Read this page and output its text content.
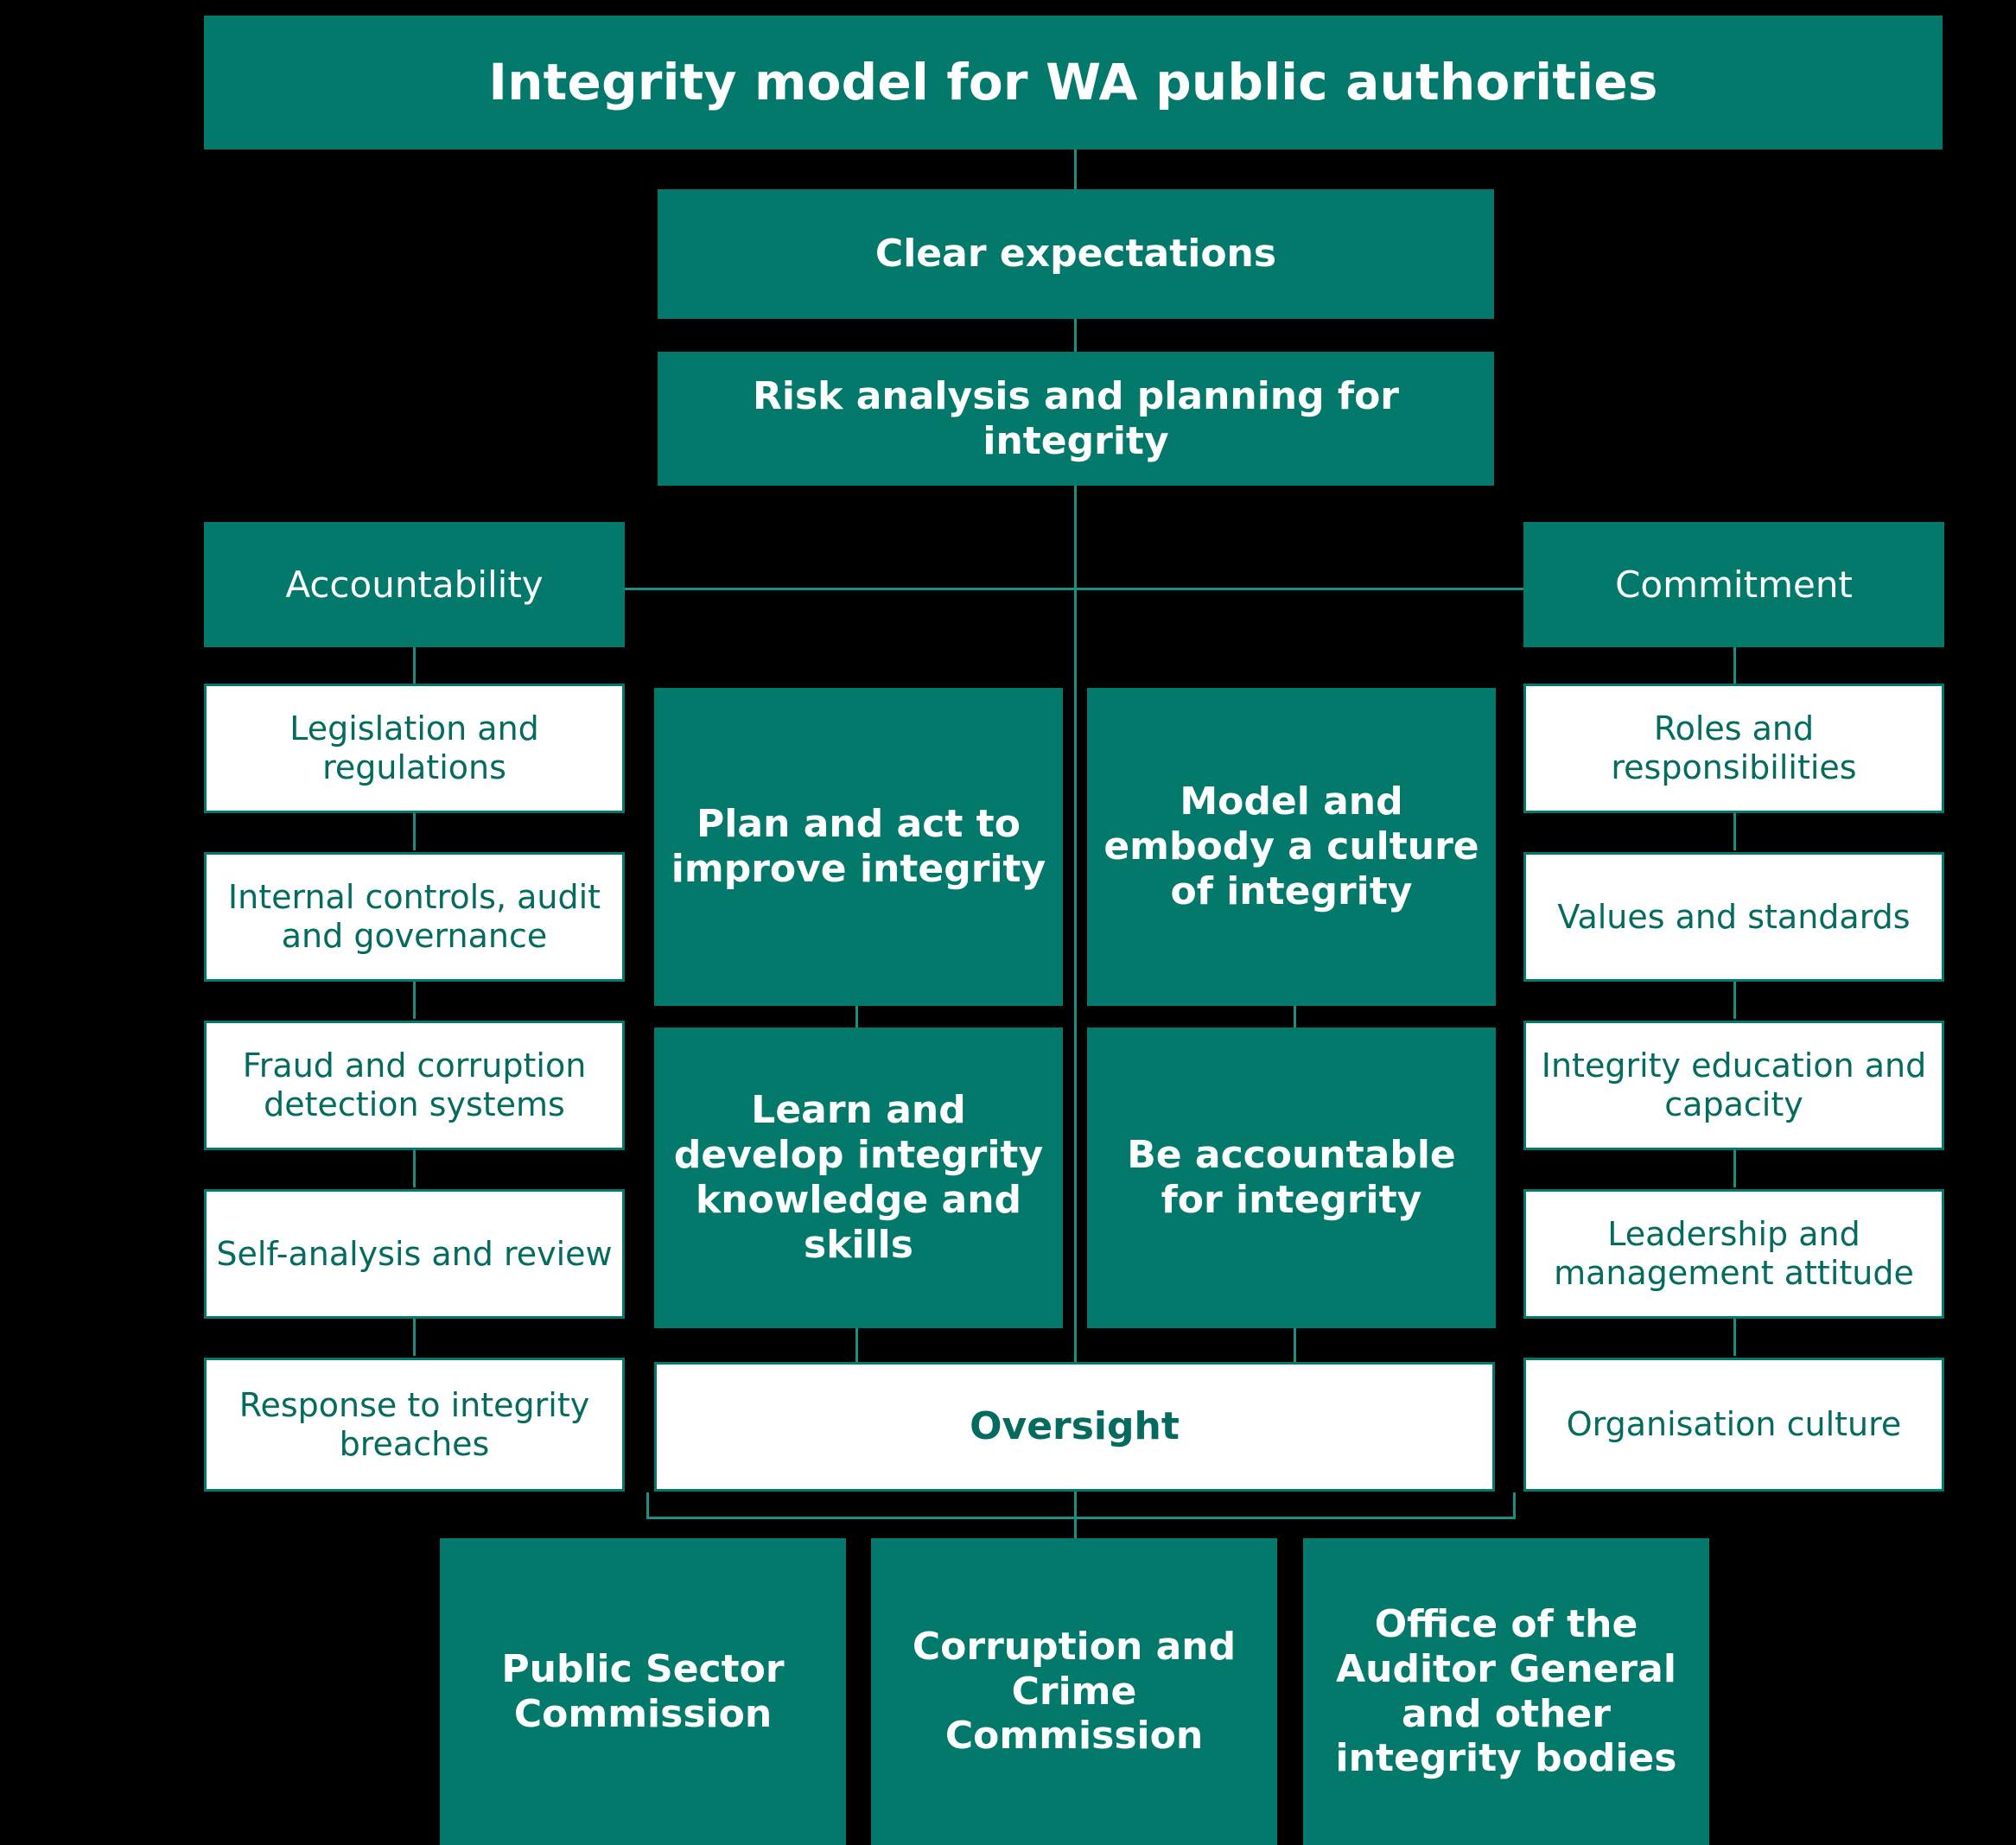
Integrity model for WA public authorities
Clear expectations
Risk analysis and planning for integrity
Accountability	Commitment
Legislation and regulations
Internal controls, audit and governance
Fraud and corruption detection systems
Self-analysis and review
Response to integrity breaches
Roles and responsibilities
Values and standards
Integrity education and capacity
Leadership and management attitude
Organisation culture
Plan and act to improve integrity
Model and embody a culture of integrity
Learn and develop integrity knowledge and skills
Be accountable for integrity
Oversight
Public Sector Commission
Corruption and Crime Commission
Office of the Auditor General and other integrity bodies
